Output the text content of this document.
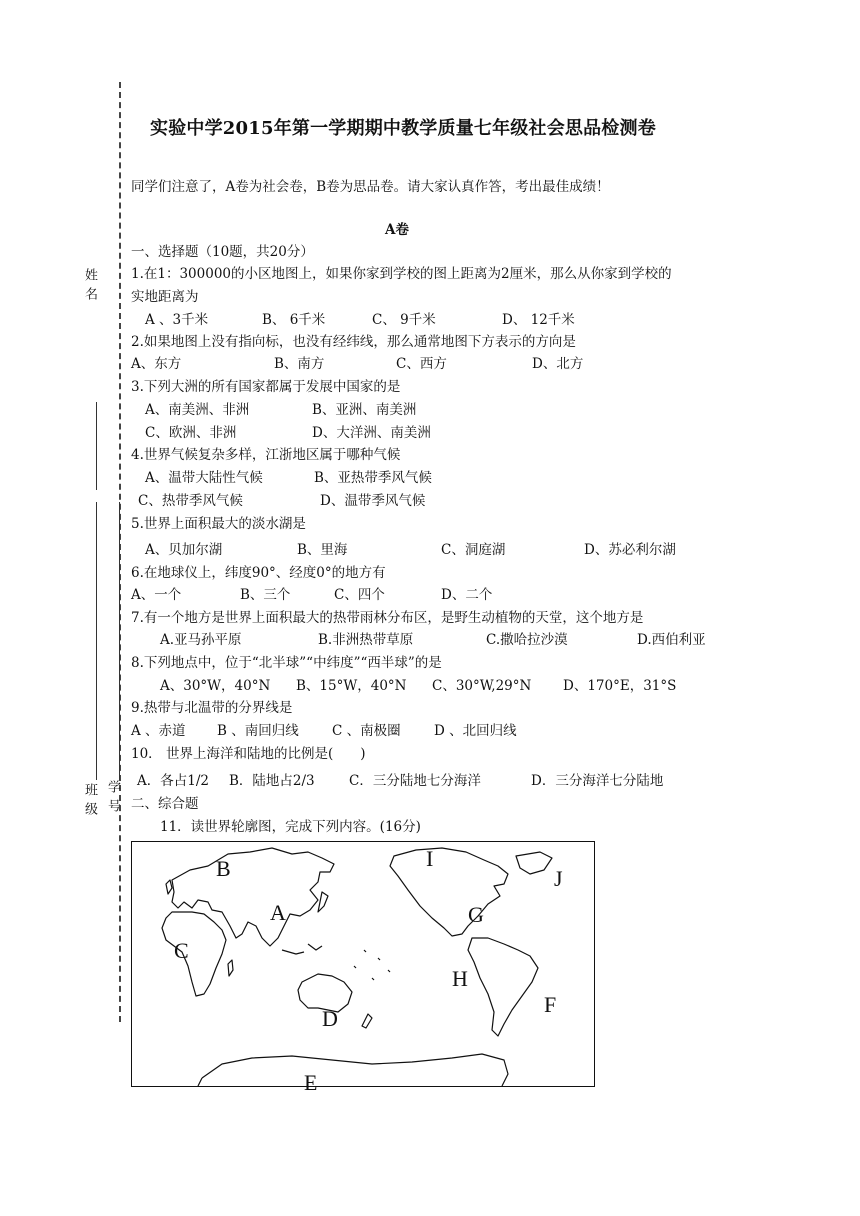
姓名
班级 学号
实验中学2015年第一学期期中教学质量七年级社会思品检测卷
同学们注意了，A卷为社会卷，B卷为思品卷。请大家认真作答，考出最佳成绩！
A卷
一、选择题（10题，共20分）
1.在1：300000的小区地图上，如果你家到学校的图上距离为2厘米，那么从你家到学校的
实地距离为
A 、3千米	B、 6千米	C、 9千米	D、 12千米
2.如果地图上没有指向标，也没有经纬线，那么通常地图下方表示的方向是
A、东方	B、南方	C、西方	D、北方
3.下列大洲的所有国家都属于发展中国家的是
A、南美洲、非洲	B、亚洲、南美洲
C、欧洲、非洲	D、大洋洲、南美洲
4.世界气候复杂多样，江浙地区属于哪种气候
A、温带大陆性气候	B、亚热带季风气候
C、热带季风气候	D、温带季风气候
5.世界上面积最大的淡水湖是
A、贝加尔湖	B、里海	C、洞庭湖	D、苏必利尔湖
6.在地球仪上，纬度90°、经度0°的地方有
A、一个	B、三个	C、四个	D、二个
7.有一个地方是世界上面积最大的热带雨林分布区，是野生动植物的天堂，这个地方是
A.亚马孙平原	B.非洲热带草原	C.撒哈拉沙漠	D.西伯利亚
8.下列地点中，位于“北半球”“中纬度”“西半球”的是
A、30°W，40°N B、15°W，40°N C、30°W,29°N D、170°E，31°S
9.热带与北温带的分界线是
A 、赤道 B 、南回归线 C 、南极圈 D 、北回归线
10． 世界上海洋和陆地的比例是(　　)
A．各占1/2 B．陆地占2/3	C．三分陆地七分海洋	D．三分海洋七分陆地
二、综合题
11．读世界轮廓图，完成下列内容。(16分)
A
B
C
D
E
F
G
H
I
J
